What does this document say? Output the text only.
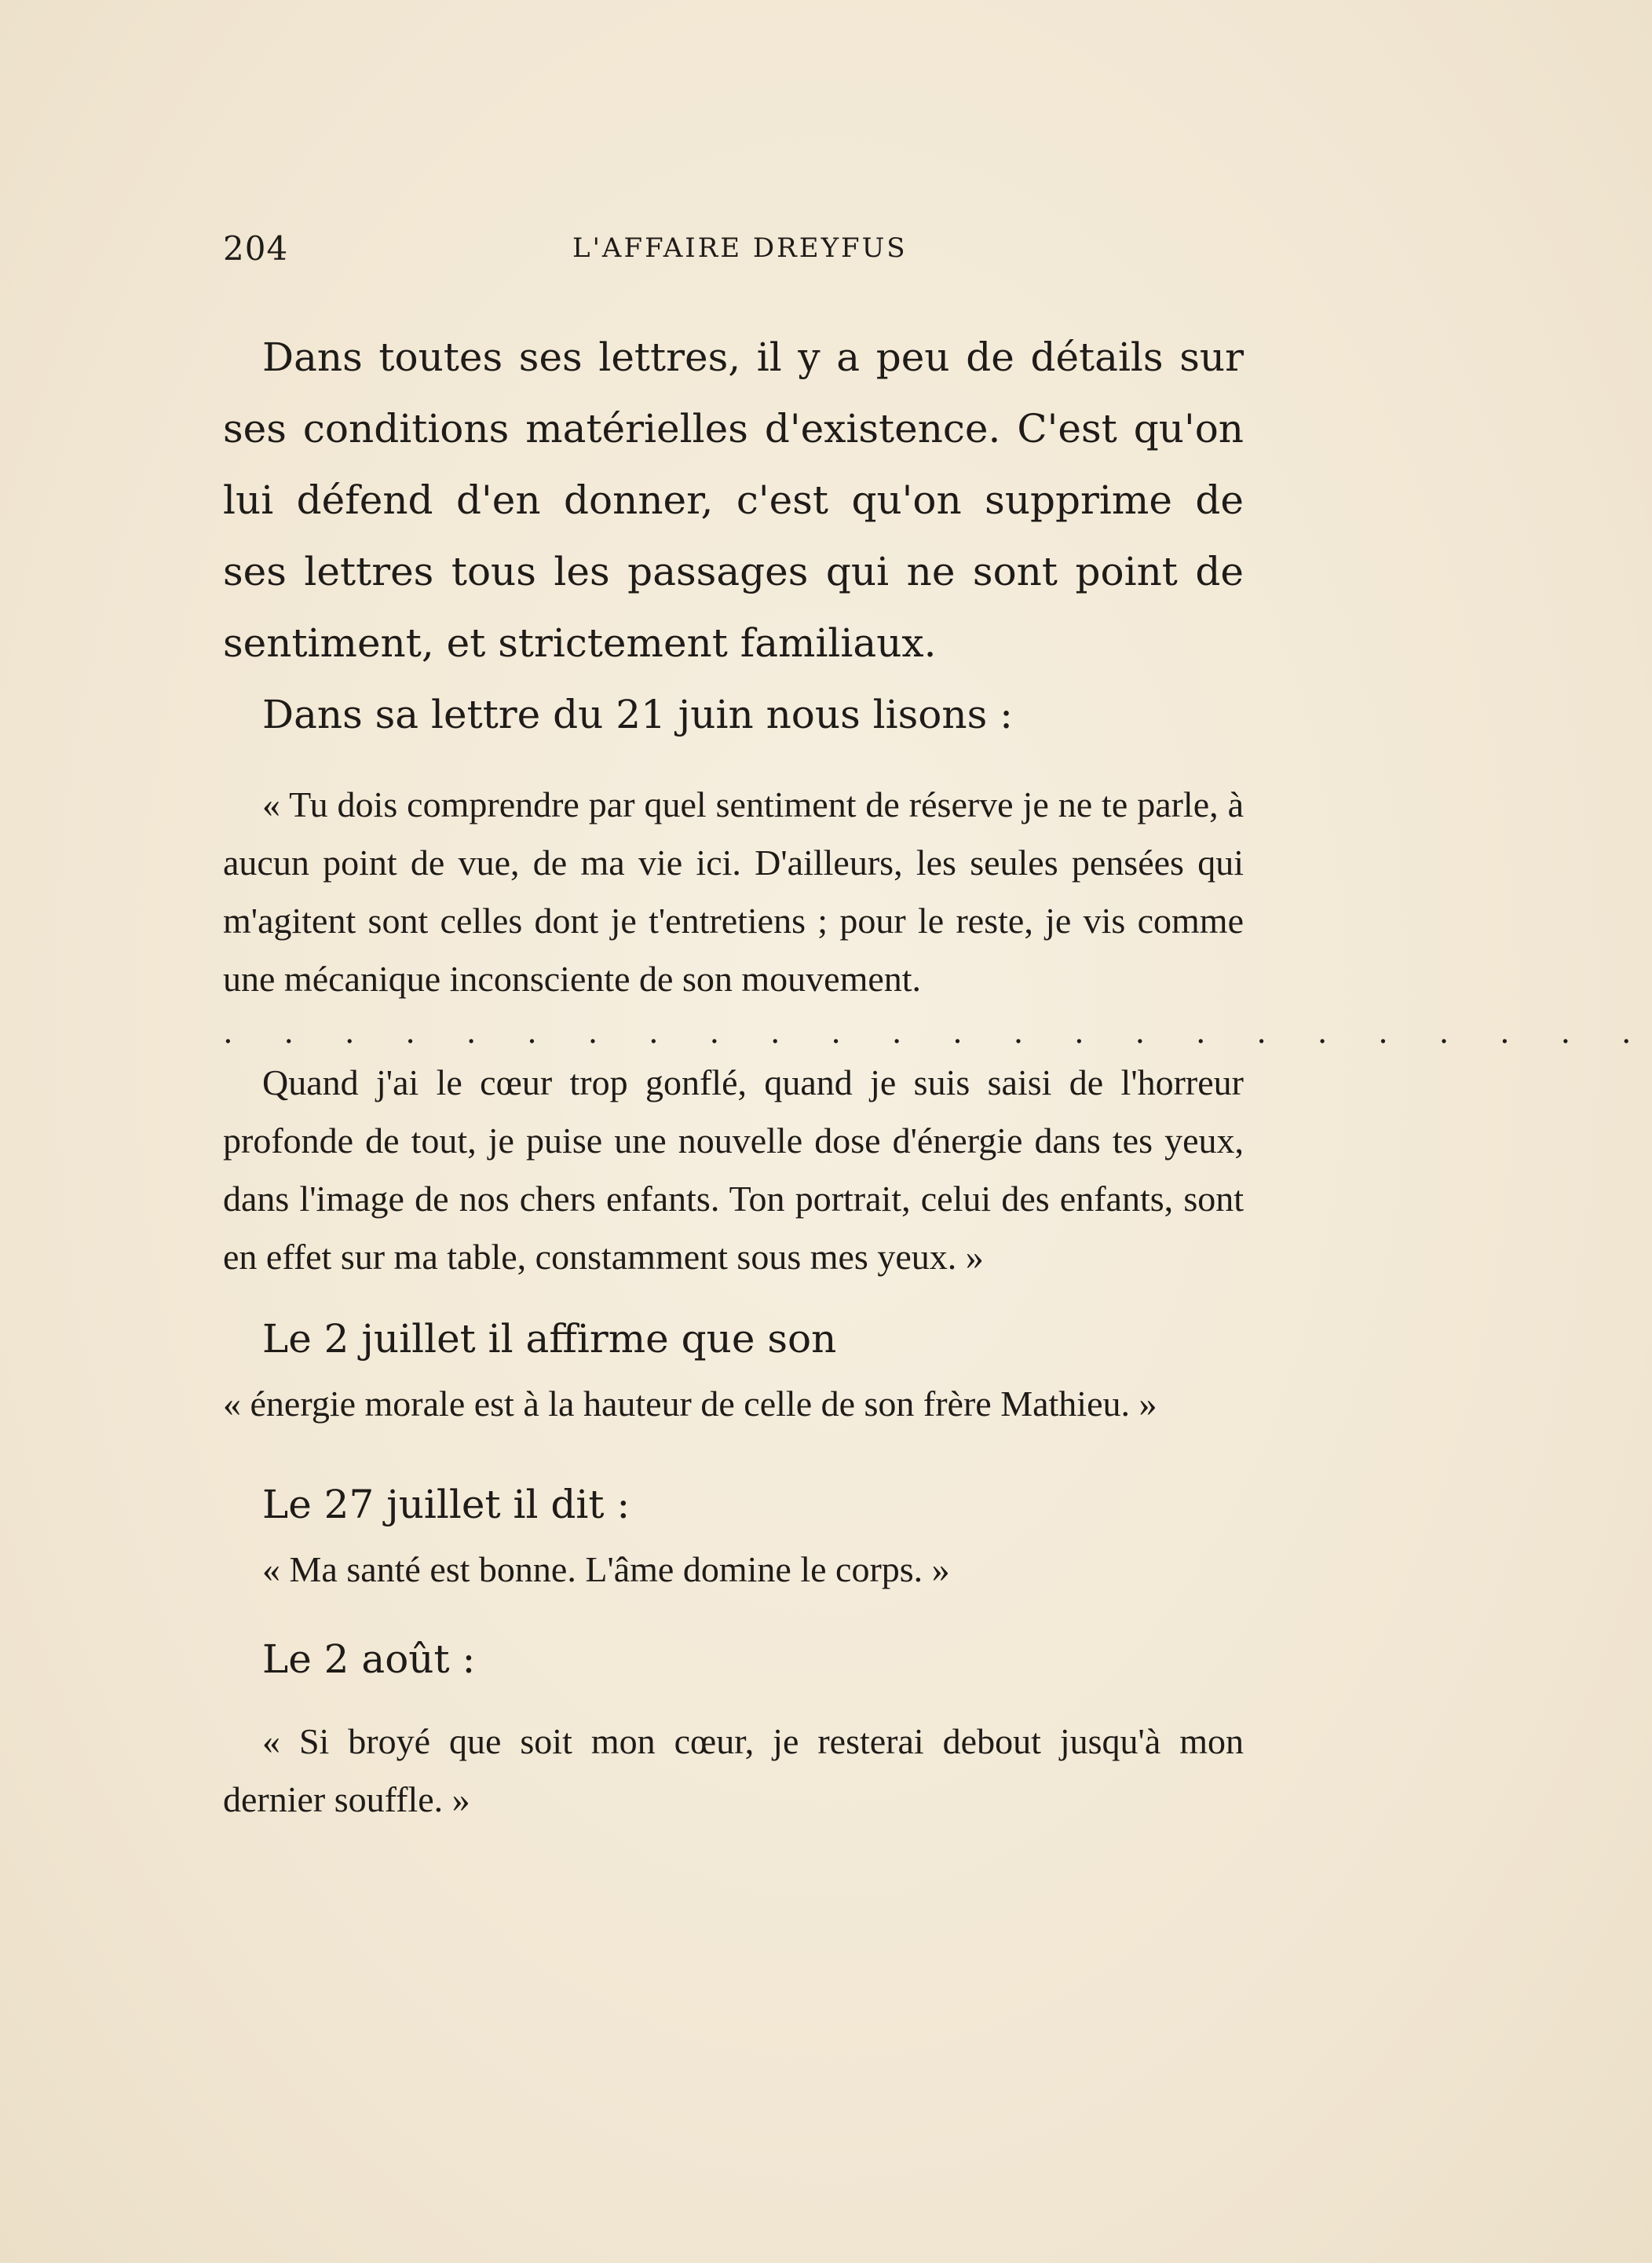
204	L'AFFAIRE DREYFUS

Dans toutes ses lettres, il y a peu de détails sur ses conditions matérielles d'existence. C'est qu'on lui défend d'en donner, c'est qu'on supprime de ses lettres tous les passages qui ne sont point de sentiment, et strictement familiaux.

Dans sa lettre du 21 juin nous lisons :

« Tu dois comprendre par quel sentiment de réserve je ne te parle, à aucun point de vue, de ma vie ici. D'ailleurs, les seules pensées qui m'agitent sont celles dont je t'entretiens ; pour le reste, je vis comme une mécanique inconsciente de son mouvement.

. . . . . . . . . . . . . . . . . . . . . . . .

Quand j'ai le cœur trop gonflé, quand je suis saisi de l'horreur profonde de tout, je puise une nouvelle dose d'énergie dans tes yeux, dans l'image de nos chers enfants. Ton portrait, celui des enfants, sont en effet sur ma table, constamment sous mes yeux. »

Le 2 juillet il affirme que son

« énergie morale est à la hauteur de celle de son frère Mathieu. »

Le 27 juillet il dit :

« Ma santé est bonne. L'âme domine le corps. »

Le 2 août :

« Si broyé que soit mon cœur, je resterai debout jusqu'à mon dernier souffle. »
